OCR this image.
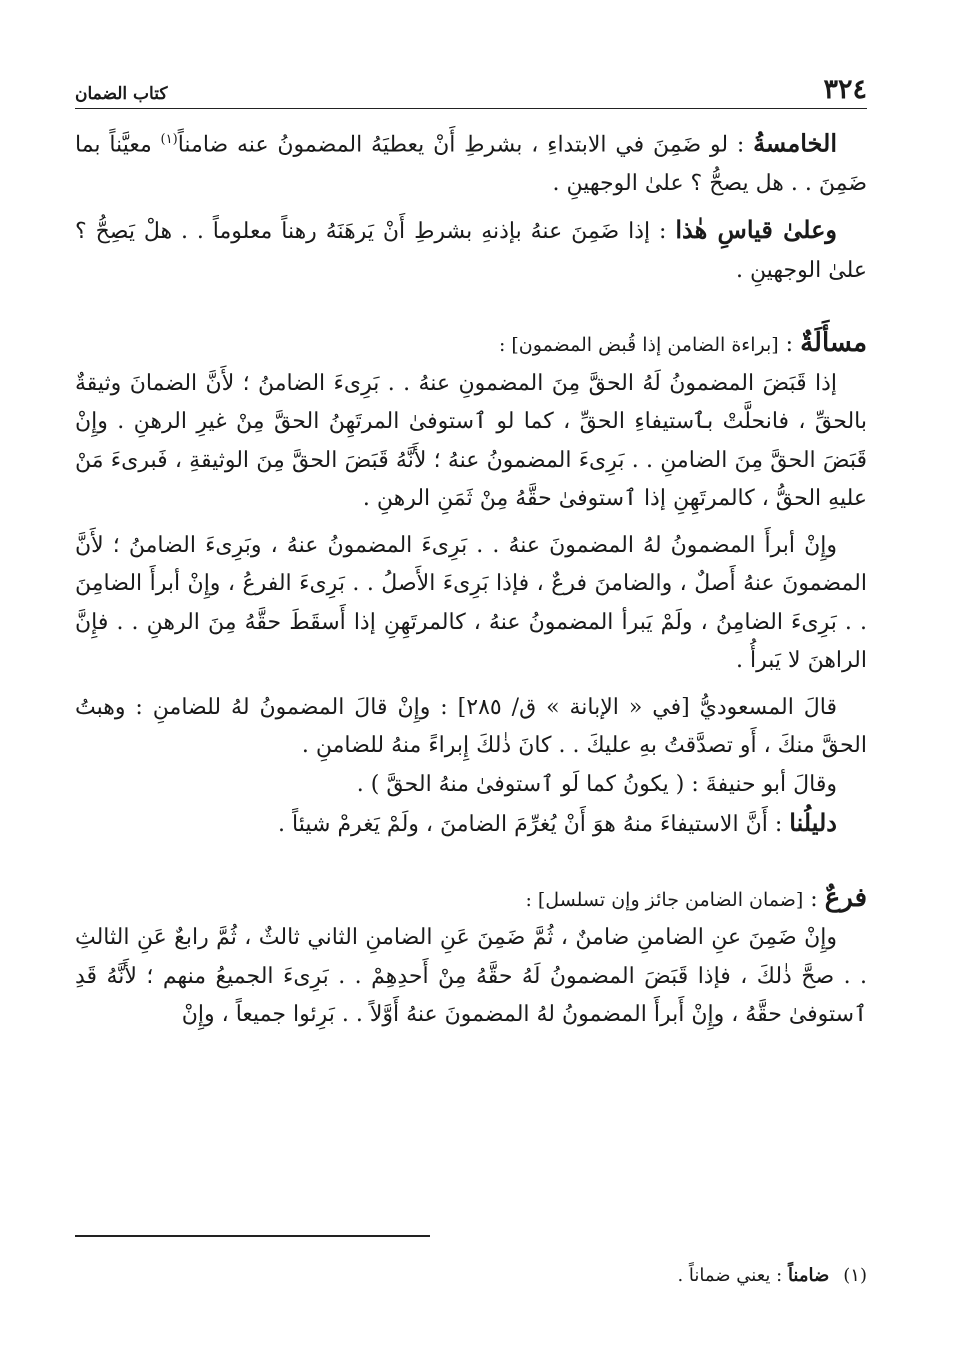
٣٢٤
كتاب الضمان

الخامسةُ : لو ضَمِنَ في الابتداءِ ، بشرطِ أَنْ يعطيَهُ المضمونُ عنه ضامناً$^{(١)}$ معيَّناً بما ضَمِنَ . . هل يصحُّ ؟ علىٰ الوجهينِ .

وعلىٰ قياسِ هٰذا : إذا ضَمِنَ عنهُ بإذنهِ بشرطِ أَنْ يَرهَنَهُ رهناً معلوماً . . هلْ يَصِحُّ ؟ علىٰ الوجهينِ .

مسأَلَةٌ : [براءة الضامن إذا قُبض المضمون] :

إذا قَبَضَ المضمونُ لَهُ الحقَّ مِنَ المضمونِ عنهُ . . بَرِىءَ الضامنُ ؛ لأَنَّ الضمانَ وثيقةٌ بالحقِّ ، فانحلَّتْ بٱستيفاءِ الحقِّ ، كما لو ٱستوفىٰ المرتَهِنُ الحقَّ مِنْ غيرِ الرهنِ . وإِنْ قَبَضَ الحقَّ مِنَ الضامنِ . . بَرِىءَ المضمونُ عنهُ ؛ لأَنَّهُ قَبَضَ الحقَّ مِنَ الوثيقةِ ، فَبرىءَ مَنْ عليهِ الحقُّ ، كالمرتَهِنِ إذا ٱستوفىٰ حقَّهُ مِنْ ثَمَنِ الرهنِ .

وإِنْ أبرأَ المضمونُ لهُ المضمونَ عنهُ . . بَرِىءَ المضمونُ عنهُ ، وبَرِىءَ الضامنُ ؛ لأَنَّ المضمونَ عنهُ أَصلٌ ، والضامنَ فرعٌ ، فإذا بَرِىءَ الأَصلُ . . بَرِىءَ الفرعُ ، وإِنْ أبرأَ الضامِنَ . . بَرِىءَ الضامِنُ ، ولَمْ يَبرأ المضمونُ عنهُ ، كالمرتَهِنِ إذا أَسقَطَ حقَّهُ مِنَ الرهنِ . . فإِنَّ الراهنَ لا يَبرأُ .

قالَ المسعوديُّ [في « الإبانة » ق/ ٢٨٥] : وإِنْ قالَ المضمونُ لهُ للضامنِ : وهبتُ الحقَّ منكَ ، أَو تصدَّقتُ بهِ عليكَ . . كانَ ذٰلكَ إِبراءً منهُ للضامنِ .

وقالَ أبو حنيفةَ : ( يكونُ كما لَو ٱستوفىٰ منهُ الحقَّ ) .

دليلُنا : أَنَّ الاستيفاءَ منهُ هوَ أَنْ يُغرِّمَ الضامنَ ، ولَمْ يَغرمْ شيئاً .

فرعٌ : [ضمان الضامن جائز وإن تسلسل] :

وإِنْ ضَمِنَ عنِ الضامنِ ضامنٌ ، ثُمَّ ضَمِنَ عَنِ الضامنِ الثاني ثالثٌ ، ثُمَّ رابعٌ عَنِ الثالثِ . . صحَّ ذٰلكَ ، فإذا قَبَضَ المضمونُ لَهُ حقَّهُ مِنْ أَحدِهِمْ . . بَرِىءَ الجميعُ منهم ؛ لأَنَّهُ قَدِ ٱستوفىٰ حقَّهُ ، وإِنْ أَبرأَ المضمونُ لهُ المضمونَ عنهُ أَوَّلاً . . بَرِئوا جميعاً ، وإِنْ

(١)ضامناً : يعني ضماناً .
